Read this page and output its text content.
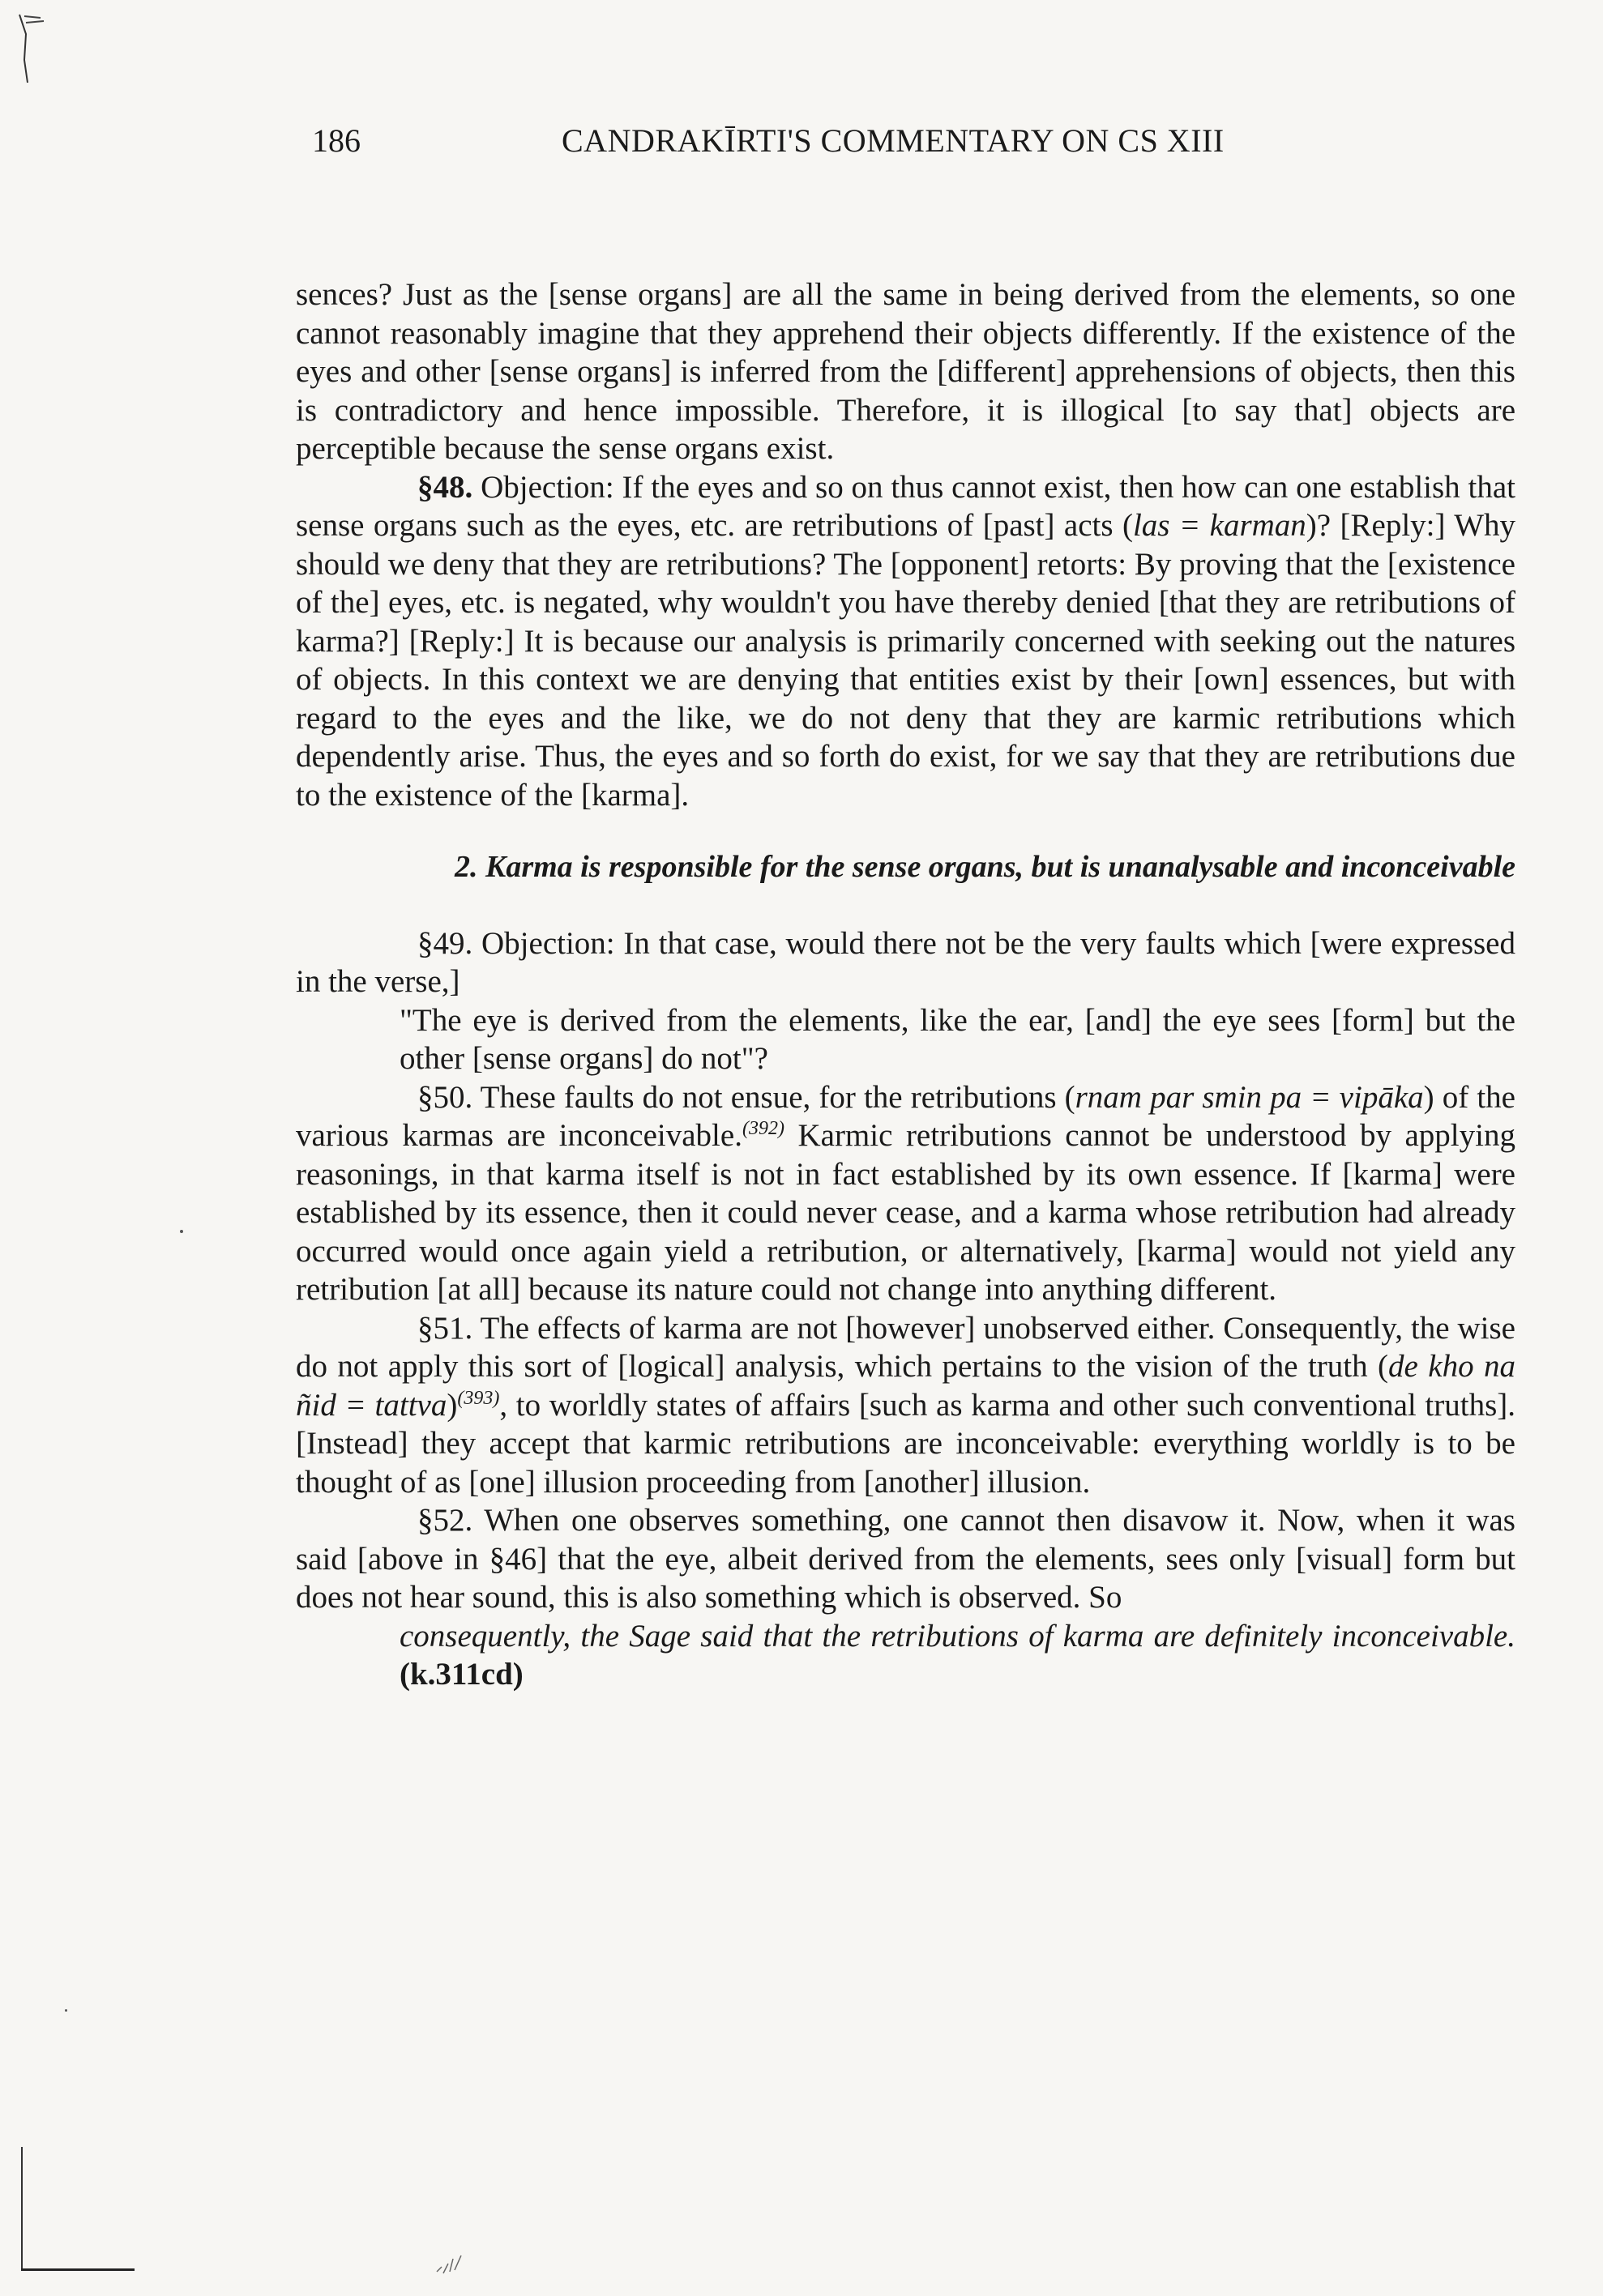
186	CANDRAKĪRTI'S COMMENTARY ON CS XIII

sences? Just as the [sense organs] are all the same in being derived from the elements, so one cannot reasonably imagine that they apprehend their objects differently. If the existence of the eyes and other [sense organs] is inferred from the [different] apprehensions of objects, then this is contradictory and hence impossible. Therefore, it is illogical [to say that] objects are perceptible because the sense organs exist.

§48. Objection: If the eyes and so on thus cannot exist, then how can one establish that sense organs such as the eyes, etc. are retributions of [past] acts (las = karman)? [Reply:] Why should we deny that they are retributions? The [opponent] retorts: By proving that the [existence of the] eyes, etc. is negated, why wouldn't you have thereby denied [that they are retributions of karma?] [Reply:] It is because our analysis is primarily concerned with seeking out the natures of objects. In this context we are denying that entities exist by their [own] essences, but with regard to the eyes and the like, we do not deny that they are karmic retributions which dependently arise. Thus, the eyes and so forth do exist, for we say that they are retributions due to the existence of the [karma].

2. Karma is responsible for the sense organs, but is unanalysable and inconceivable

§49. Objection: In that case, would there not be the very faults which [were expressed in the verse,]

"The eye is derived from the elements, like the ear, [and] the eye sees [form] but the other [sense organs] do not"?

§50. These faults do not ensue, for the retributions (rnam par smin pa = vipāka) of the various karmas are inconceivable.$^{(392)}$ Karmic retributions cannot be understood by applying reasonings, in that karma itself is not in fact established by its own essence. If [karma] were established by its essence, then it could never cease, and a karma whose retribution had already occurred would once again yield a retribution, or alternatively, [karma] would not yield any retribution [at all] because its nature could not change into anything different.

§51. The effects of karma are not [however] unobserved either. Consequently, the wise do not apply this sort of [logical] analysis, which pertains to the vision of the truth (de kho na ñid = tattva)$^{(393)}$, to worldly states of affairs [such as karma and other such conventional truths]. [Instead] they accept that karmic retributions are inconceivable: everything worldly is to be thought of as [one] illusion proceeding from [another] illusion.

§52. When one observes something, one cannot then disavow it. Now, when it was said [above in §46] that the eye, albeit derived from the elements, sees only [visual] form but does not hear sound, this is also something which is observed. So

consequently, the Sage said that the retributions of karma are definitely inconceivable. (k.311cd)
